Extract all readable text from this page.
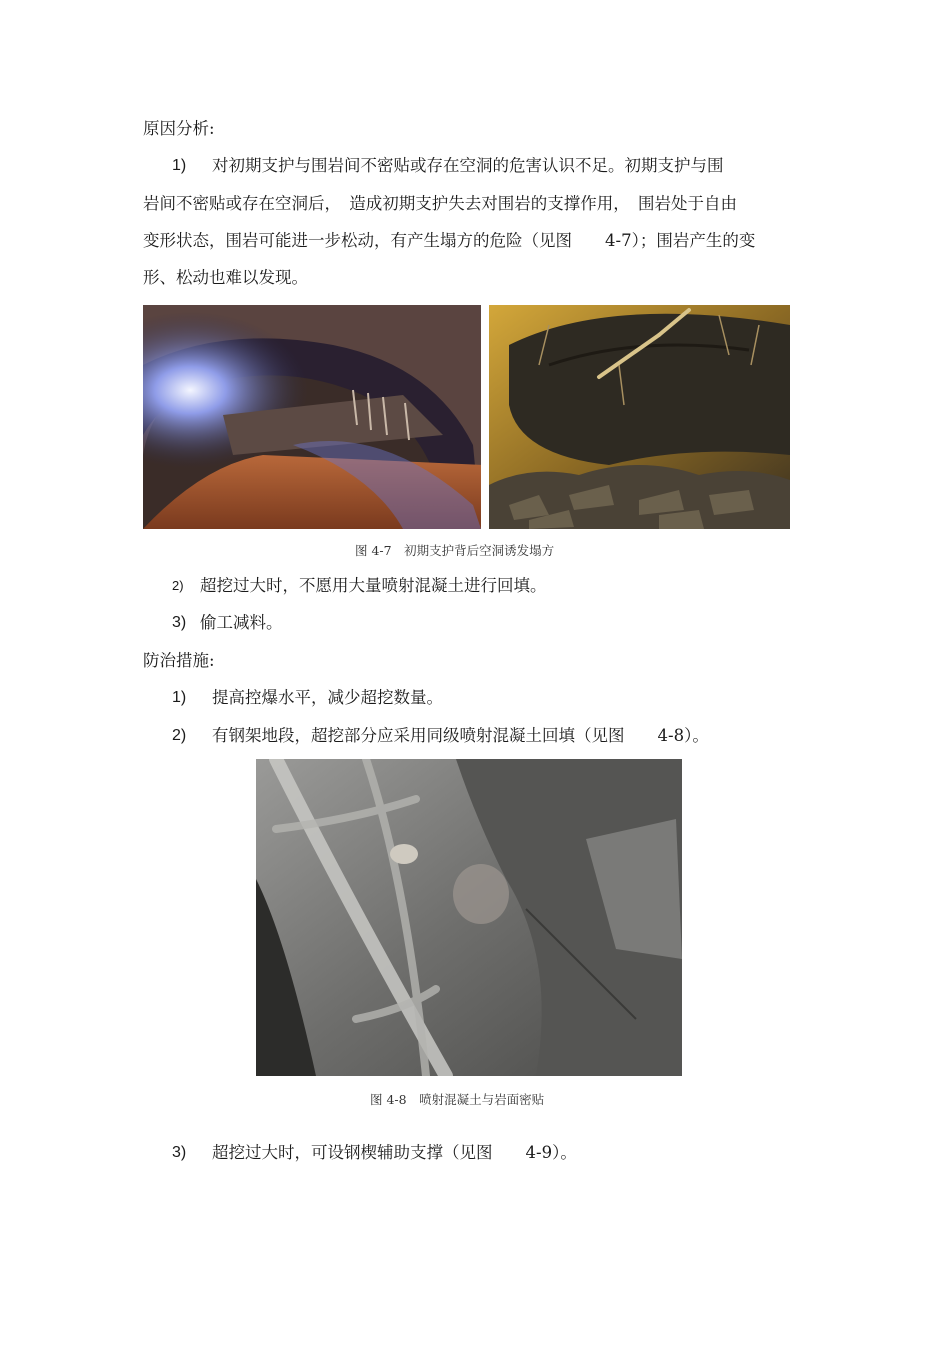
原因分析:
1) 对初期支护与围岩间不密贴或存在空洞的危害认识不足。初期支护与围
岩间不密贴或存在空洞后，　造成初期支护失去对围岩的支撑作用，　围岩处于自由
变形状态，围岩可能进一步松动，有产生塌方的危险（见图　　4-7）；围岩产生的变
形、松动也难以发现。
图 4-7　初期支护背后空洞诱发塌方
2) 超挖过大时，不愿用大量喷射混凝土进行回填。
3) 偷工减料。
防治措施:
1) 提高控爆水平，减少超挖数量。
2) 有钢架地段，超挖部分应采用同级喷射混凝土回填（见图　　4-8）。
图 4-8　喷射混凝土与岩面密贴
3) 超挖过大时，可设钢楔辅助支撑（见图　　4-9）。
